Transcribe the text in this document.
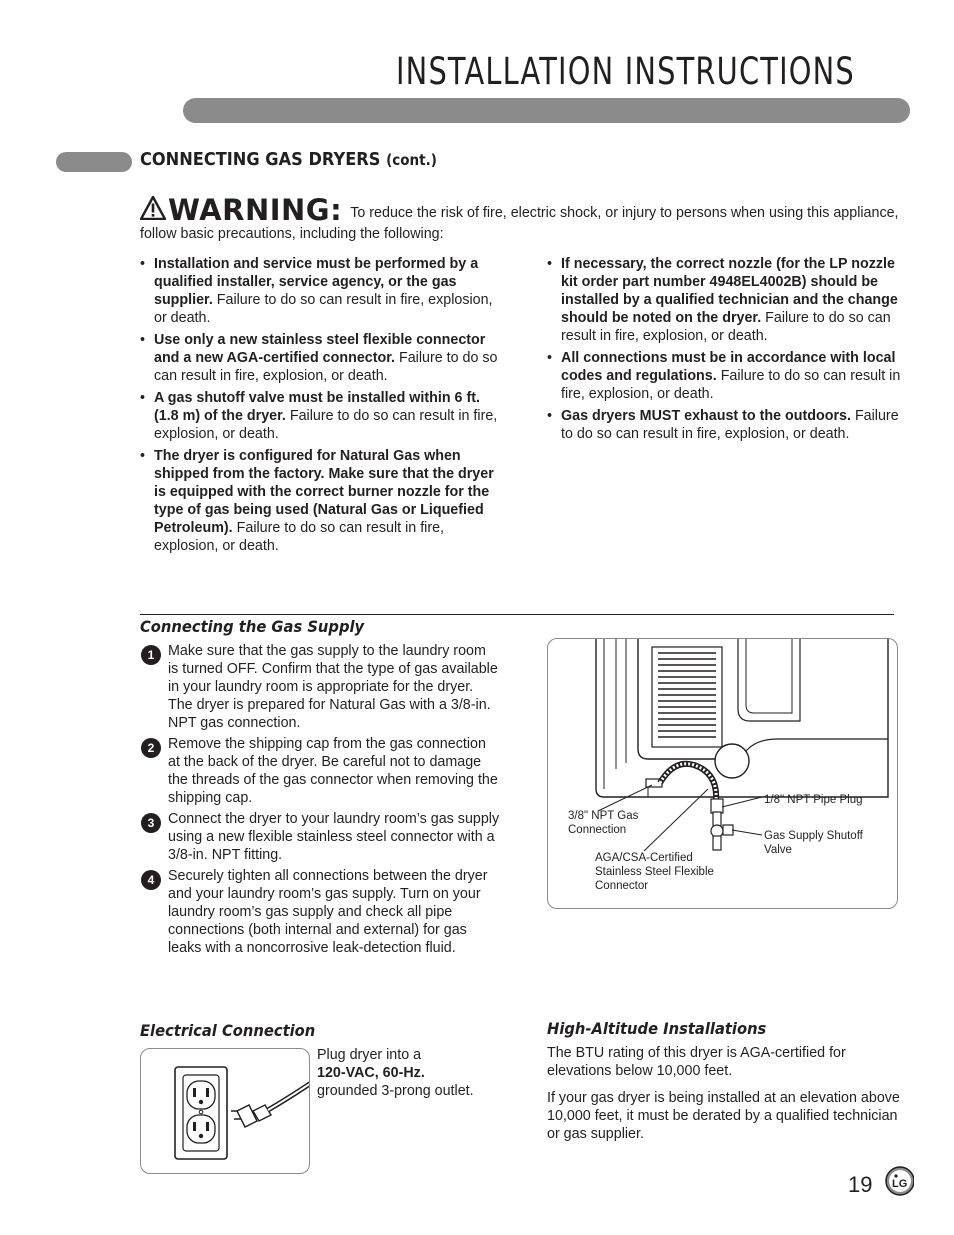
INSTALLATION INSTRUCTIONS
CONNECTING GAS DRYERS (cont.)
WARNING: To reduce the risk of fire, electric shock, or injury to persons when using this appliance, follow basic precautions, including the following:
• Installation and service must be performed by a qualified installer, service agency, or the gas supplier. Failure to do so can result in fire, explosion, or death.
• Use only a new stainless steel flexible connector and a new AGA-certified connector. Failure to do so can result in fire, explosion, or death.
• A gas shutoff valve must be installed within 6 ft. (1.8 m) of the dryer. Failure to do so can result in fire, explosion, or death.
• The dryer is configured for Natural Gas when shipped from the factory. Make sure that the dryer is equipped with the correct burner nozzle for the type of gas being used (Natural Gas or Liquefied Petroleum). Failure to do so can result in fire, explosion, or death.
• If necessary, the correct nozzle (for the LP nozzle kit order part number 4948EL4002B) should be installed by a qualified technician and the change should be noted on the dryer. Failure to do so can result in fire, explosion, or death.
• All connections must be in accordance with local codes and regulations. Failure to do so can result in fire, explosion, or death.
• Gas dryers MUST exhaust to the outdoors. Failure to do so can result in fire, explosion, or death.
Connecting the Gas Supply
1 Make sure that the gas supply to the laundry room is turned OFF. Confirm that the type of gas available in your laundry room is appropriate for the dryer. The dryer is prepared for Natural Gas with a 3/8-in. NPT gas connection.
2 Remove the shipping cap from the gas connection at the back of the dryer. Be careful not to damage the threads of the gas connector when removing the shipping cap.
3 Connect the dryer to your laundry room’s gas supply using a new flexible stainless steel connector with a 3/8-in. NPT fitting.
4 Securely tighten all connections between the dryer and your laundry room’s gas supply. Turn on your laundry room’s gas supply and check all pipe connections (both internal and external) for gas leaks with a noncorrosive leak-detection fluid.
3/8" NPT Gas Connection
1/8" NPT Pipe Plug
Gas Supply Shutoff Valve
AGA/CSA-Certified Stainless Steel Flexible Connector
Electrical Connection
Plug dryer into a
120-VAC, 60-Hz.
grounded 3-prong outlet.
High-Altitude Installations

The BTU rating of this dryer is AGA-certified for elevations below 10,000 feet.

If your gas dryer is being installed at an elevation above 10,000 feet, it must be derated by a qualified technician or gas supplier.

19 LG
